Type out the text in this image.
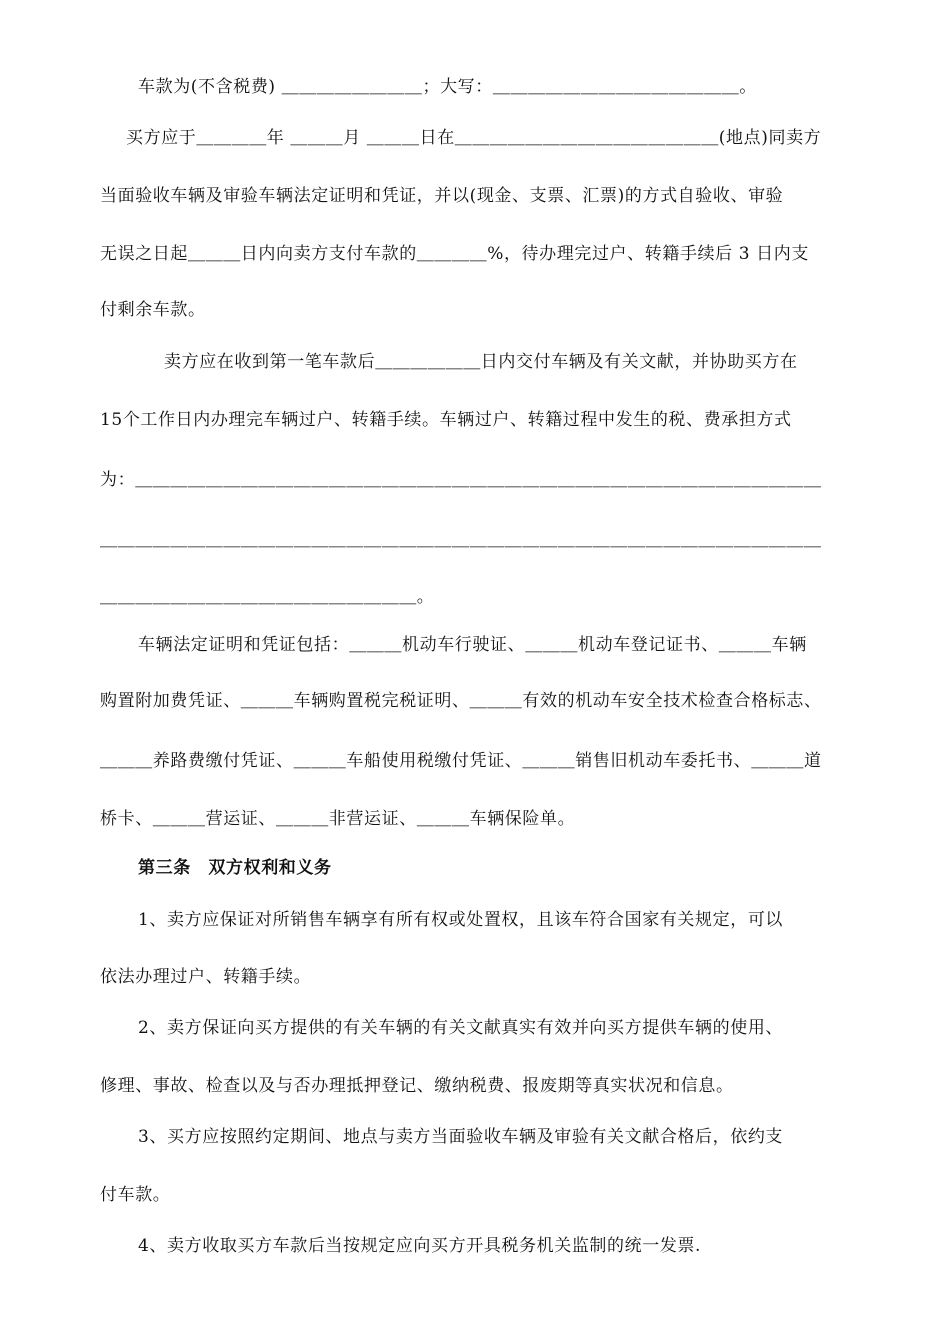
车款为(不含税费) ＿＿＿＿＿＿＿＿；大写：＿＿＿＿＿＿＿＿＿＿＿＿＿＿。
买方应于＿＿＿＿年 ＿＿＿月 ＿＿＿日在＿＿＿＿＿＿＿＿＿＿＿＿＿＿＿(地点)同卖方
当面验收车辆及审验车辆法定证明和凭证，并以(现金、支票、汇票)的方式自验收、审验
无误之日起＿＿＿日内向卖方支付车款的＿＿＿＿%，待办理完过户、转籍手续后 3 日内支
付剩余车款。
卖方应在收到第一笔车款后＿＿＿＿＿＿日内交付车辆及有关文献，并协助买方在
15个工作日内办理完车辆过户、转籍手续。车辆过户、转籍过程中发生的税、费承担方式
为：＿＿＿＿＿＿＿＿＿＿＿＿＿＿＿＿＿＿＿＿＿＿＿＿＿＿＿＿＿＿＿＿＿＿＿＿＿＿＿
＿＿＿＿＿＿＿＿＿＿＿＿＿＿＿＿＿＿＿＿＿＿＿＿＿＿＿＿＿＿＿＿＿＿＿＿＿＿＿＿＿
＿＿＿＿＿＿＿＿＿＿＿＿＿＿＿＿＿＿。
车辆法定证明和凭证包括：＿＿＿机动车行驶证、＿＿＿机动车登记证书、＿＿＿车辆
购置附加费凭证、＿＿＿车辆购置税完税证明、＿＿＿有效的机动车安全技术检查合格标志、
＿＿＿养路费缴付凭证、＿＿＿车船使用税缴付凭证、＿＿＿销售旧机动车委托书、＿＿＿道
桥卡、＿＿＿营运证、＿＿＿非营运证、＿＿＿车辆保险单。
第三条　双方权利和义务
1、卖方应保证对所销售车辆享有所有权或处置权，且该车符合国家有关规定，可以
依法办理过户、转籍手续。
2、卖方保证向买方提供的有关车辆的有关文献真实有效并向买方提供车辆的使用、
修理、事故、检查以及与否办理抵押登记、缴纳税费、报废期等真实状况和信息。
3、买方应按照约定期间、地点与卖方当面验收车辆及审验有关文献合格后，依约支
付车款。
4、卖方收取买方车款后当按规定应向买方开具税务机关监制的统一发票.
